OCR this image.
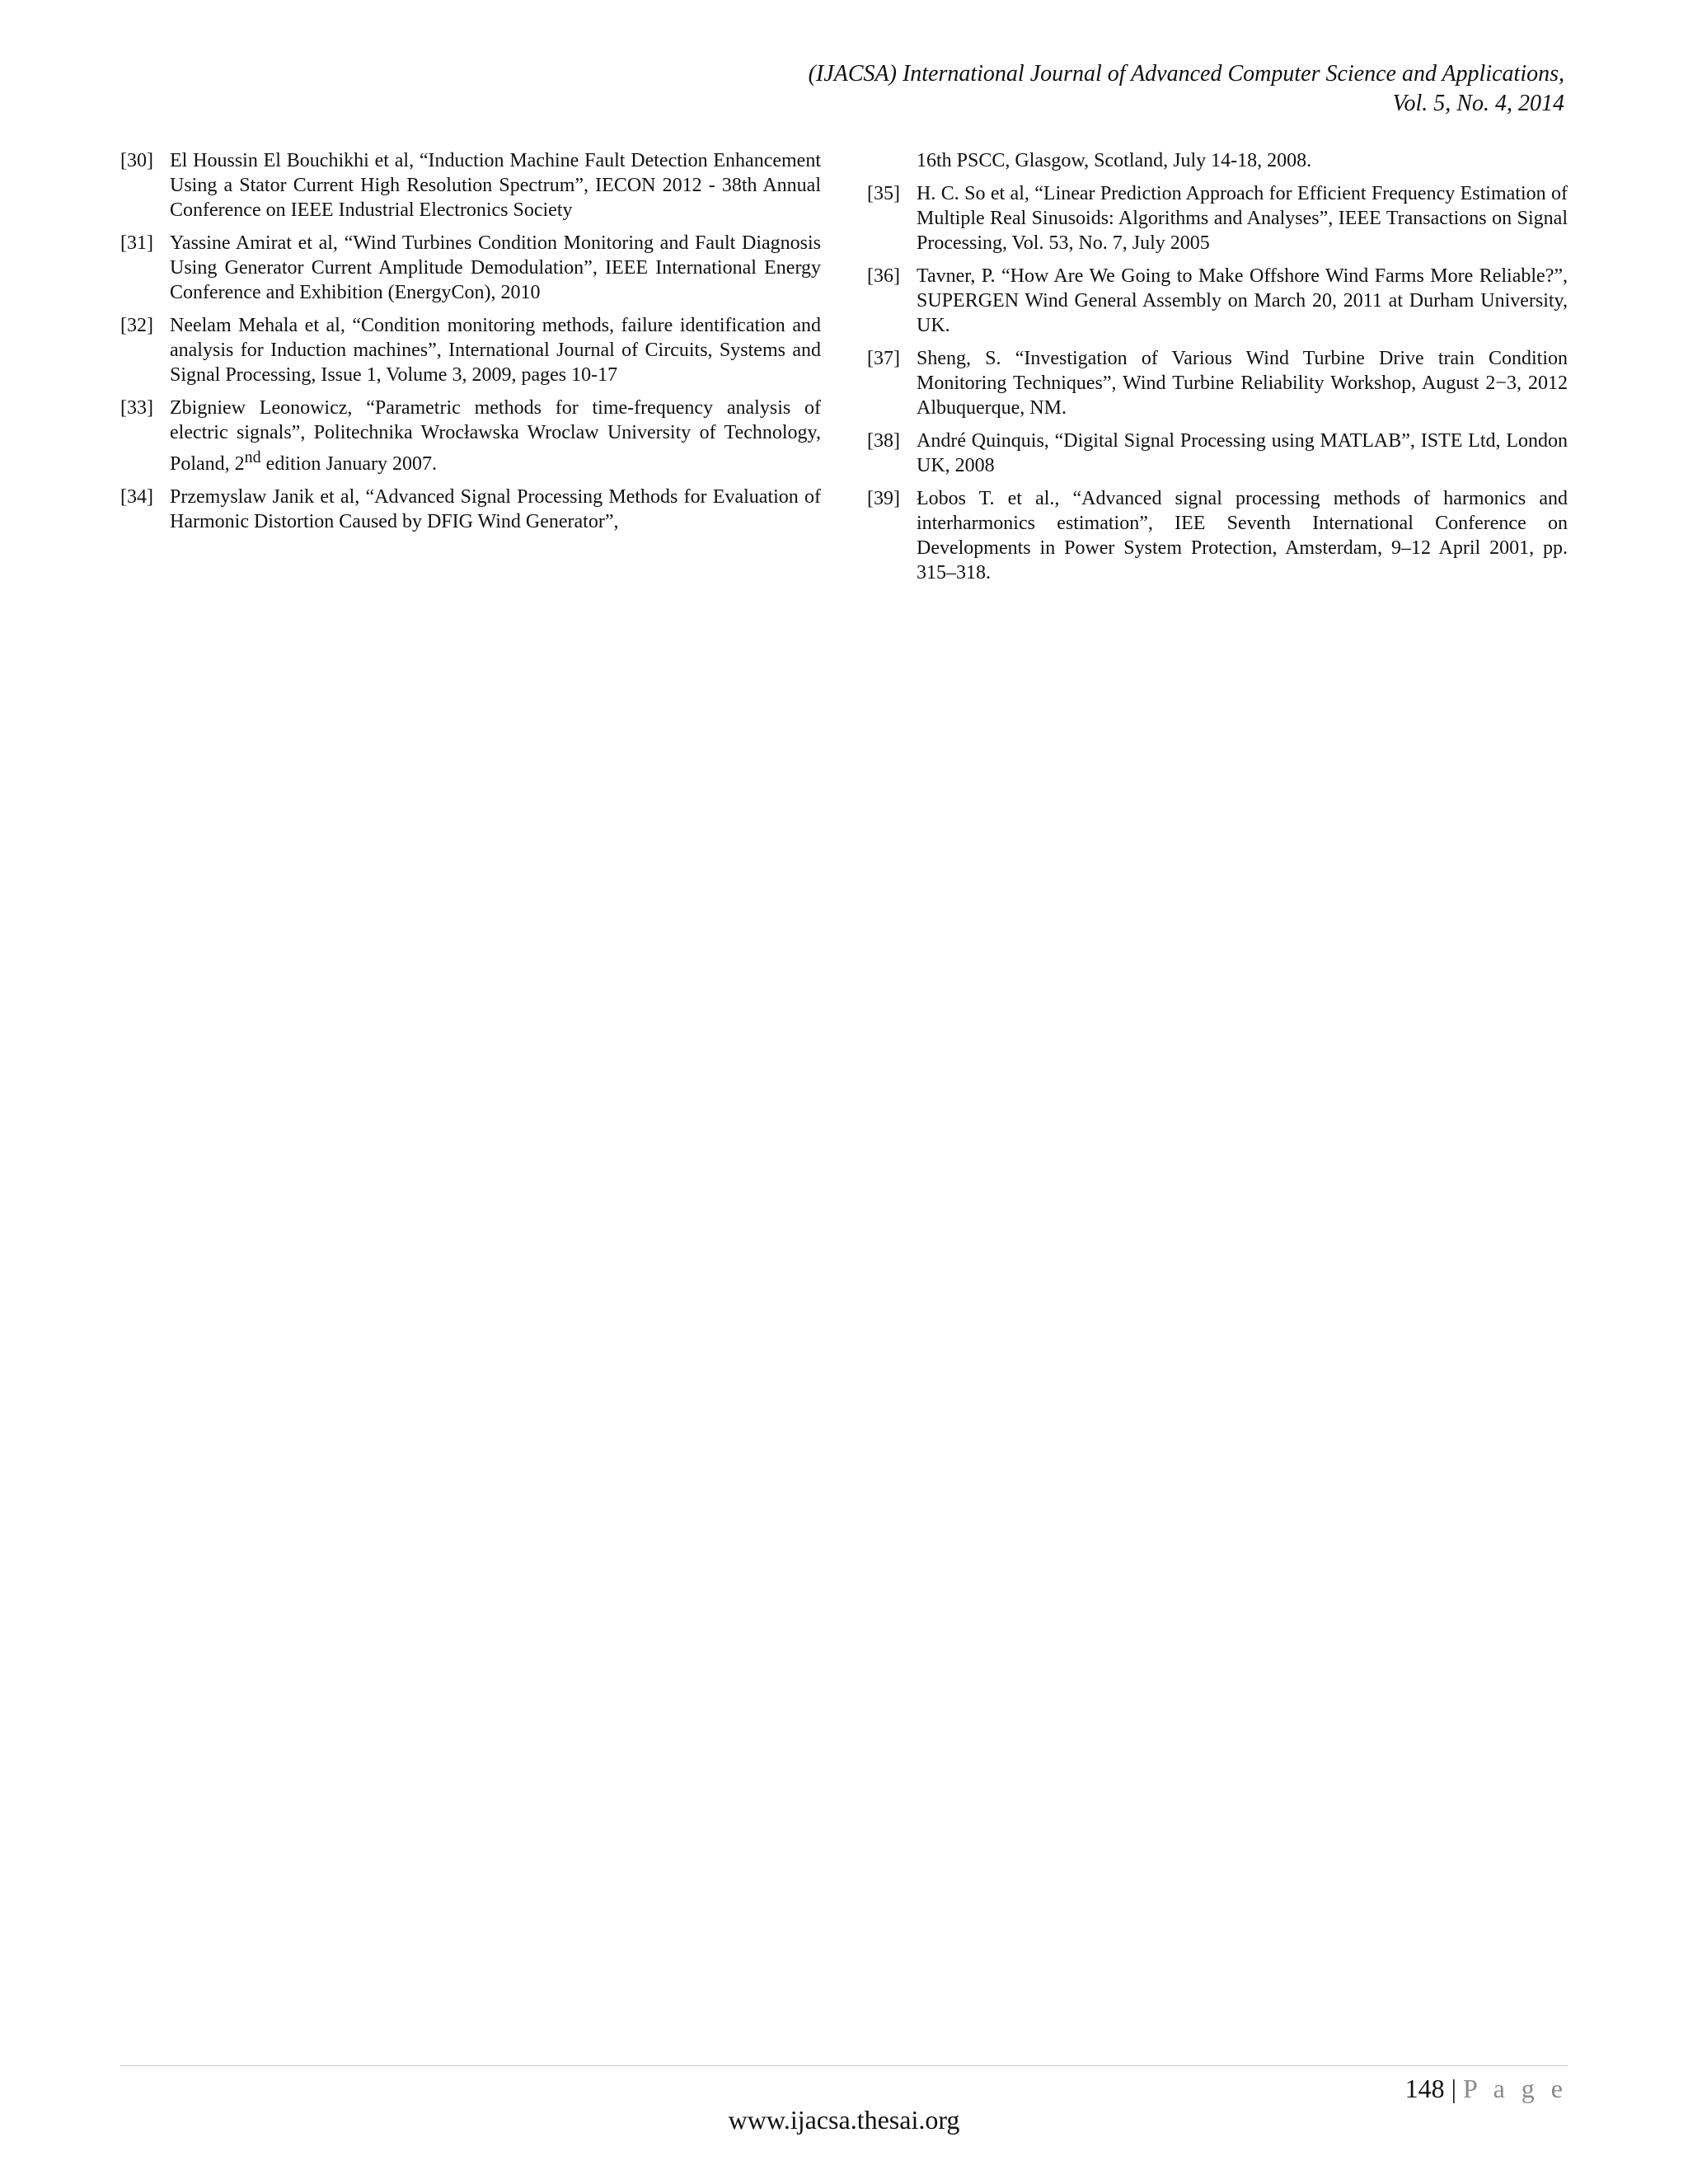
(IJACSA) International Journal of Advanced Computer Science and Applications,
Vol. 5, No. 4, 2014
[30] El Houssin El Bouchikhi et al, “Induction Machine Fault Detection Enhancement Using a Stator Current High Resolution Spectrum”, IECON 2012 - 38th Annual Conference on IEEE Industrial Electronics Society
[31] Yassine Amirat et al, “Wind Turbines Condition Monitoring and Fault Diagnosis Using Generator Current Amplitude Demodulation”, IEEE International Energy Conference and Exhibition (EnergyCon), 2010
[32] Neelam Mehala et al, “Condition monitoring methods, failure identification and analysis for Induction machines”, International Journal of Circuits, Systems and Signal Processing, Issue 1, Volume 3, 2009, pages 10-17
[33] Zbigniew Leonowicz, “Parametric methods for time-frequency analysis of electric signals”, Politechnika Wrocławska Wroclaw University of Technology, Poland, 2nd edition January 2007.
[34] Przemyslaw Janik et al, “Advanced Signal Processing Methods for Evaluation of Harmonic Distortion Caused by DFIG Wind Generator”,
16th PSCC, Glasgow, Scotland, July 14-18, 2008.
[35] H. C. So et al, “Linear Prediction Approach for Efficient Frequency Estimation of Multiple Real Sinusoids: Algorithms and Analyses”, IEEE Transactions on Signal Processing, Vol. 53, No. 7, July 2005
[36] Tavner, P. “How Are We Going to Make Offshore Wind Farms More Reliable?”, SUPERGEN Wind General Assembly on March 20, 2011 at Durham University, UK.
[37] Sheng, S. “Investigation of Various Wind Turbine Drive train Condition Monitoring Techniques”, Wind Turbine Reliability Workshop, August 2−3, 2012 Albuquerque, NM.
[38] André Quinquis, “Digital Signal Processing using MATLAB”, ISTE Ltd, London UK, 2008
[39] Łobos T. et al., “Advanced signal processing methods of harmonics and interharmonics estimation”, IEE Seventh International Conference on Developments in Power System Protection, Amsterdam, 9–12 April 2001, pp. 315–318.
148 | P a g e
www.ijacsa.thesai.org
